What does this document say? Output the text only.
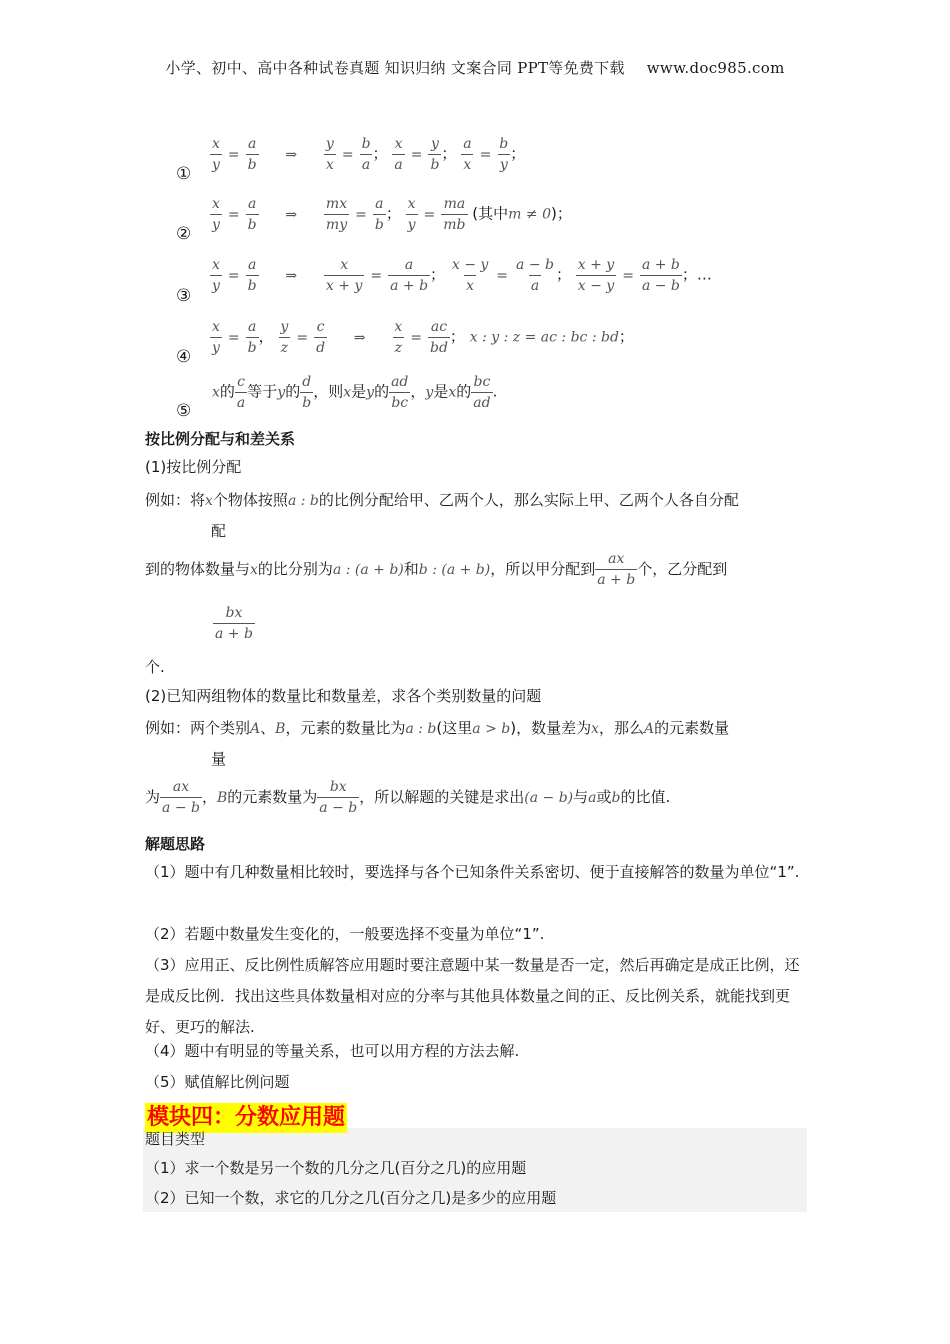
小学、初中、高中各种试卷真题 知识归纳 文案合同 PPT等免费下载 www.doc985.com
①
$\frac{x}{y} = \frac{a}{b}$ ⇒ $\frac{y}{x} = \frac{b}{a}$ ； $\frac{x}{a} = \frac{y}{b}$ ； $\frac{a}{x} = \frac{b}{y}$ ；
②
$\frac{x}{y} = \frac{a}{b}$ ⇒ $\frac{mx}{my} = \frac{a}{b}$ ； $\frac{x}{y} = \frac{ma}{mb}$ (其中m ≠ 0)；
③
$\frac{x}{y} = \frac{a}{b}$ ⇒ $\frac{x}{x + y} = \frac{a}{a + b}$ ； $\frac{x - y}{x} = \frac{a - b}{a}$ ； $\frac{x + y}{x - y} = \frac{a + b}{a - b}$ ；…
④
$\frac{x}{y} = \frac{a}{b}$ ， $\frac{y}{z} = \frac{c}{d}$ ⇒ $\frac{x}{z} = \frac{ac}{bd}$ ； x : y : z = ac : bc : bd；
⑤
x的 $\frac{c}{a}$ 等于y的 $\frac{d}{b}$ ，则x是y的 $\frac{ad}{bc}$ ，y是x的 $\frac{bc}{ad}$ .
按比例分配与和差关系
(1)按比例分配
例如：将x个物体按照a : b的比例分配给甲、乙两个人，那么实际上甲、乙两个人各自分配
配
到的物体数量与x的比分别为a : (a + b)和b : (a + b)，所以甲分配到 $\frac{ax}{a + b}$ 个，乙分配到
$\frac{bx}{a + b}$
个.
(2)已知两组物体的数量比和数量差，求各个类别数量的问题
例如：两个类别A、B，元素的数量比为a : b(这里a > b)，数量差为x，那么A的元素数量
量
为 $\frac{ax}{a - b}$ ，B的元素数量为 $\frac{bx}{a - b}$ ，所以解题的关键是求出(a − b)与a或b的比值.
解题思路
（1）题中有几种数量相比较时，要选择与各个已知条件关系密切、便于直接解答的数量为单位“1”.
（2）若题中数量发生变化的，一般要选择不变量为单位“1”.
（3）应用正、反比例性质解答应用题时要注意题中某一数量是否一定，然后再确定是成正比例，还是成反比例．找出这些具体数量相对应的分率与其他具体数量之间的正、反比例关系，就能找到更好、更巧的解法.
（4）题中有明显的等量关系，也可以用方程的方法去解.
（5）赋值解比例问题
模块四：分数应用题
题目类型
（1）求一个数是另一个数的几分之几(百分之几)的应用题
（2）已知一个数，求它的几分之几(百分之几)是多少的应用题
